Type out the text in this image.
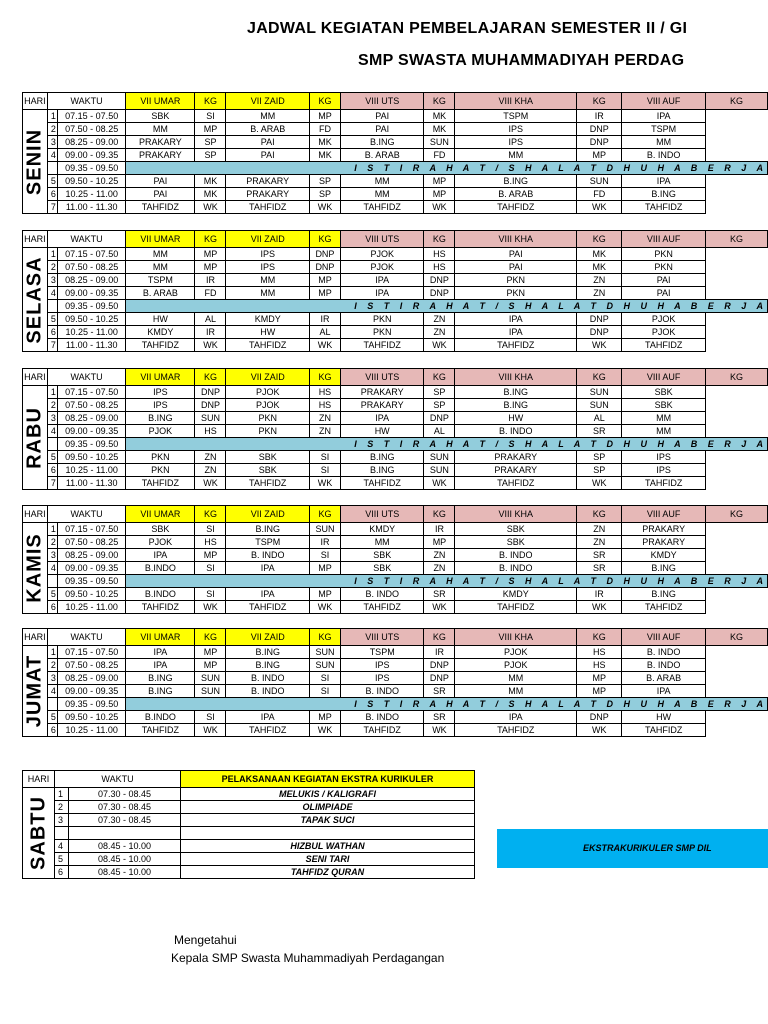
JADWAL KEGIATAN PEMBELAJARAN SEMESTER II / GI
SMP SWASTA MUHAMMADIYAH PERDAG
HARI	WAKTU		VII UMAR	KG	VII ZAID	KG	VIII UTS	KG	VIII KHA	KG	VIII AUF	KG

SENIN	1	07.15 - 07.50	SBK	SI	MM	MP	PAI	MK	TSPM	IR	IPA	
	2	07.50 - 08.25	MM	MP	B. ARAB	FD	PAI	MK	IPS	DNP	TSPM	
	3	08.25 - 09.00	PRAKARY	SP	PAI	MK	B.ING	SUN	IPS	DNP	MM	
	4	09.00 - 09.35	PRAKARY	SP	PAI	MK	B. ARAB	FD	MM	MP	B. INDO	
		09.35 - 09.50	I S T I R A H A T / S H A L A T D H U H A B E R J A									
	5	09.50 - 10.25	PAI	MK	PRAKARY	SP	MM	MP	B.ING	SUN	IPA	
	6	10.25 - 11.00	PAI	MK	PRAKARY	SP	MM	MP	B. ARAB	FD	B.ING	
	7	11.00 - 11.30	TAHFIDZ	WK	TAHFIDZ	WK	TAHFIDZ	WK	TAHFIDZ	WK	TAHFIDZ	
HARI	WAKTU		VII UMAR	KG	VII ZAID	KG	VIII UTS	KG	VIII KHA	KG	VIII AUF	KG

SELASA	1	07.15 - 07.50	MM	MP	IPS	DNP	PJOK	HS	PAI	MK	PKN	
	2	07.50 - 08.25	MM	MP	IPS	DNP	PJOK	HS	PAI	MK	PKN	
	3	08.25 - 09.00	TSPM	IR	MM	MP	IPA	DNP	PKN	ZN	PAI	
	4	09.00 - 09.35	B. ARAB	FD	MM	MP	IPA	DNP	PKN	ZN	PAI	
		09.35 - 09.50	I S T I R A H A T / S H A L A T D H U H A B E R J A									
	5	09.50 - 10.25	HW	AL	KMDY	IR	PKN	ZN	IPA	DNP	PJOK	
	6	10.25 - 11.00	KMDY	IR	HW	AL	PKN	ZN	IPA	DNP	PJOK	
	7	11.00 - 11.30	TAHFIDZ	WK	TAHFIDZ	WK	TAHFIDZ	WK	TAHFIDZ	WK	TAHFIDZ	
HARI	WAKTU		VII UMAR	KG	VII ZAID	KG	VIII UTS	KG	VIII KHA	KG	VIII AUF	KG

RABU	1	07.15 - 07.50	IPS	DNP	PJOK	HS	PRAKARY	SP	B.ING	SUN	SBK	
	2	07.50 - 08.25	IPS	DNP	PJOK	HS	PRAKARY	SP	B.ING	SUN	SBK	
	3	08.25 - 09.00	B.ING	SUN	PKN	ZN	IPA	DNP	HW	AL	MM	
	4	09.00 - 09.35	PJOK	HS	PKN	ZN	HW	AL	B. INDO	SR	MM	
		09.35 - 09.50	I S T I R A H A T / S H A L A T D H U H A B E R J A									
	5	09.50 - 10.25	PKN	ZN	SBK	SI	B.ING	SUN	PRAKARY	SP	IPS	
	6	10.25 - 11.00	PKN	ZN	SBK	SI	B.ING	SUN	PRAKARY	SP	IPS	
	7	11.00 - 11.30	TAHFIDZ	WK	TAHFIDZ	WK	TAHFIDZ	WK	TAHFIDZ	WK	TAHFIDZ	
HARI	WAKTU		VII UMAR	KG	VII ZAID	KG	VIII UTS	KG	VIII KHA	KG	VIII AUF	KG

KAMIS	1	07.15 - 07.50	SBK	SI	B.ING	SUN	KMDY	IR	SBK	ZN	PRAKARY	
	2	07.50 - 08.25	PJOK	HS	TSPM	IR	MM	MP	SBK	ZN	PRAKARY	
	3	08.25 - 09.00	IPA	MP	B. INDO	SI	SBK	ZN	B. INDO	SR	KMDY	
	4	09.00 - 09.35	B.INDO	SI	IPA	MP	SBK	ZN	B. INDO	SR	B.ING	
		09.35 - 09.50	I S T I R A H A T / S H A L A T D H U H A B E R J A									
	5	09.50 - 10.25	B.INDO	SI	IPA	MP	B. INDO	SR	KMDY	IR	B.ING	
	6	10.25 - 11.00	TAHFIDZ	WK	TAHFIDZ	WK	TAHFIDZ	WK	TAHFIDZ	WK	TAHFIDZ	
HARI	WAKTU		VII UMAR	KG	VII ZAID	KG	VIII UTS	KG	VIII KHA	KG	VIII AUF	KG

JUMAT	1	07.15 - 07.50	IPA	MP	B.ING	SUN	TSPM	IR	PJOK	HS	B. INDO	
	2	07.50 - 08.25	IPA	MP	B.ING	SUN	IPS	DNP	PJOK	HS	B. INDO	
	3	08.25 - 09.00	B.ING	SUN	B. INDO	SI	IPS	DNP	MM	MP	B. ARAB	
	4	09.00 - 09.35	B.ING	SUN	B. INDO	SI	B. INDO	SR	MM	MP	IPA	
		09.35 - 09.50	I S T I R A H A T / S H A L A T D H U H A B E R J A									
	5	09.50 - 10.25	B.INDO	SI	IPA	MP	B. INDO	SR	IPA	DNP	HW	
	6	10.25 - 11.00	TAHFIDZ	WK	TAHFIDZ	WK	TAHFIDZ	WK	TAHFIDZ	WK	TAHFIDZ	
HARI	WAKTU		PELAKSANAAN KEGIATAN EKSTRA KURIKULER

SABTU	1	07.30 - 08.45	MELUKIS / KALIGRAFI
	2	07.30 - 08.45	OLIMPIADE
	3	07.30 - 08.45	TAPAK SUCI

	4	08.45 - 10.00	HIZBUL WATHAN
	5	08.45 - 10.00	SENI TARI
	6	08.45 - 10.00	TAHFIDZ QURAN
EKSTRAKURIKULER SMP DIL
Mengetahui
Kepala SMP Swasta Muhammadiyah Perdagangan
